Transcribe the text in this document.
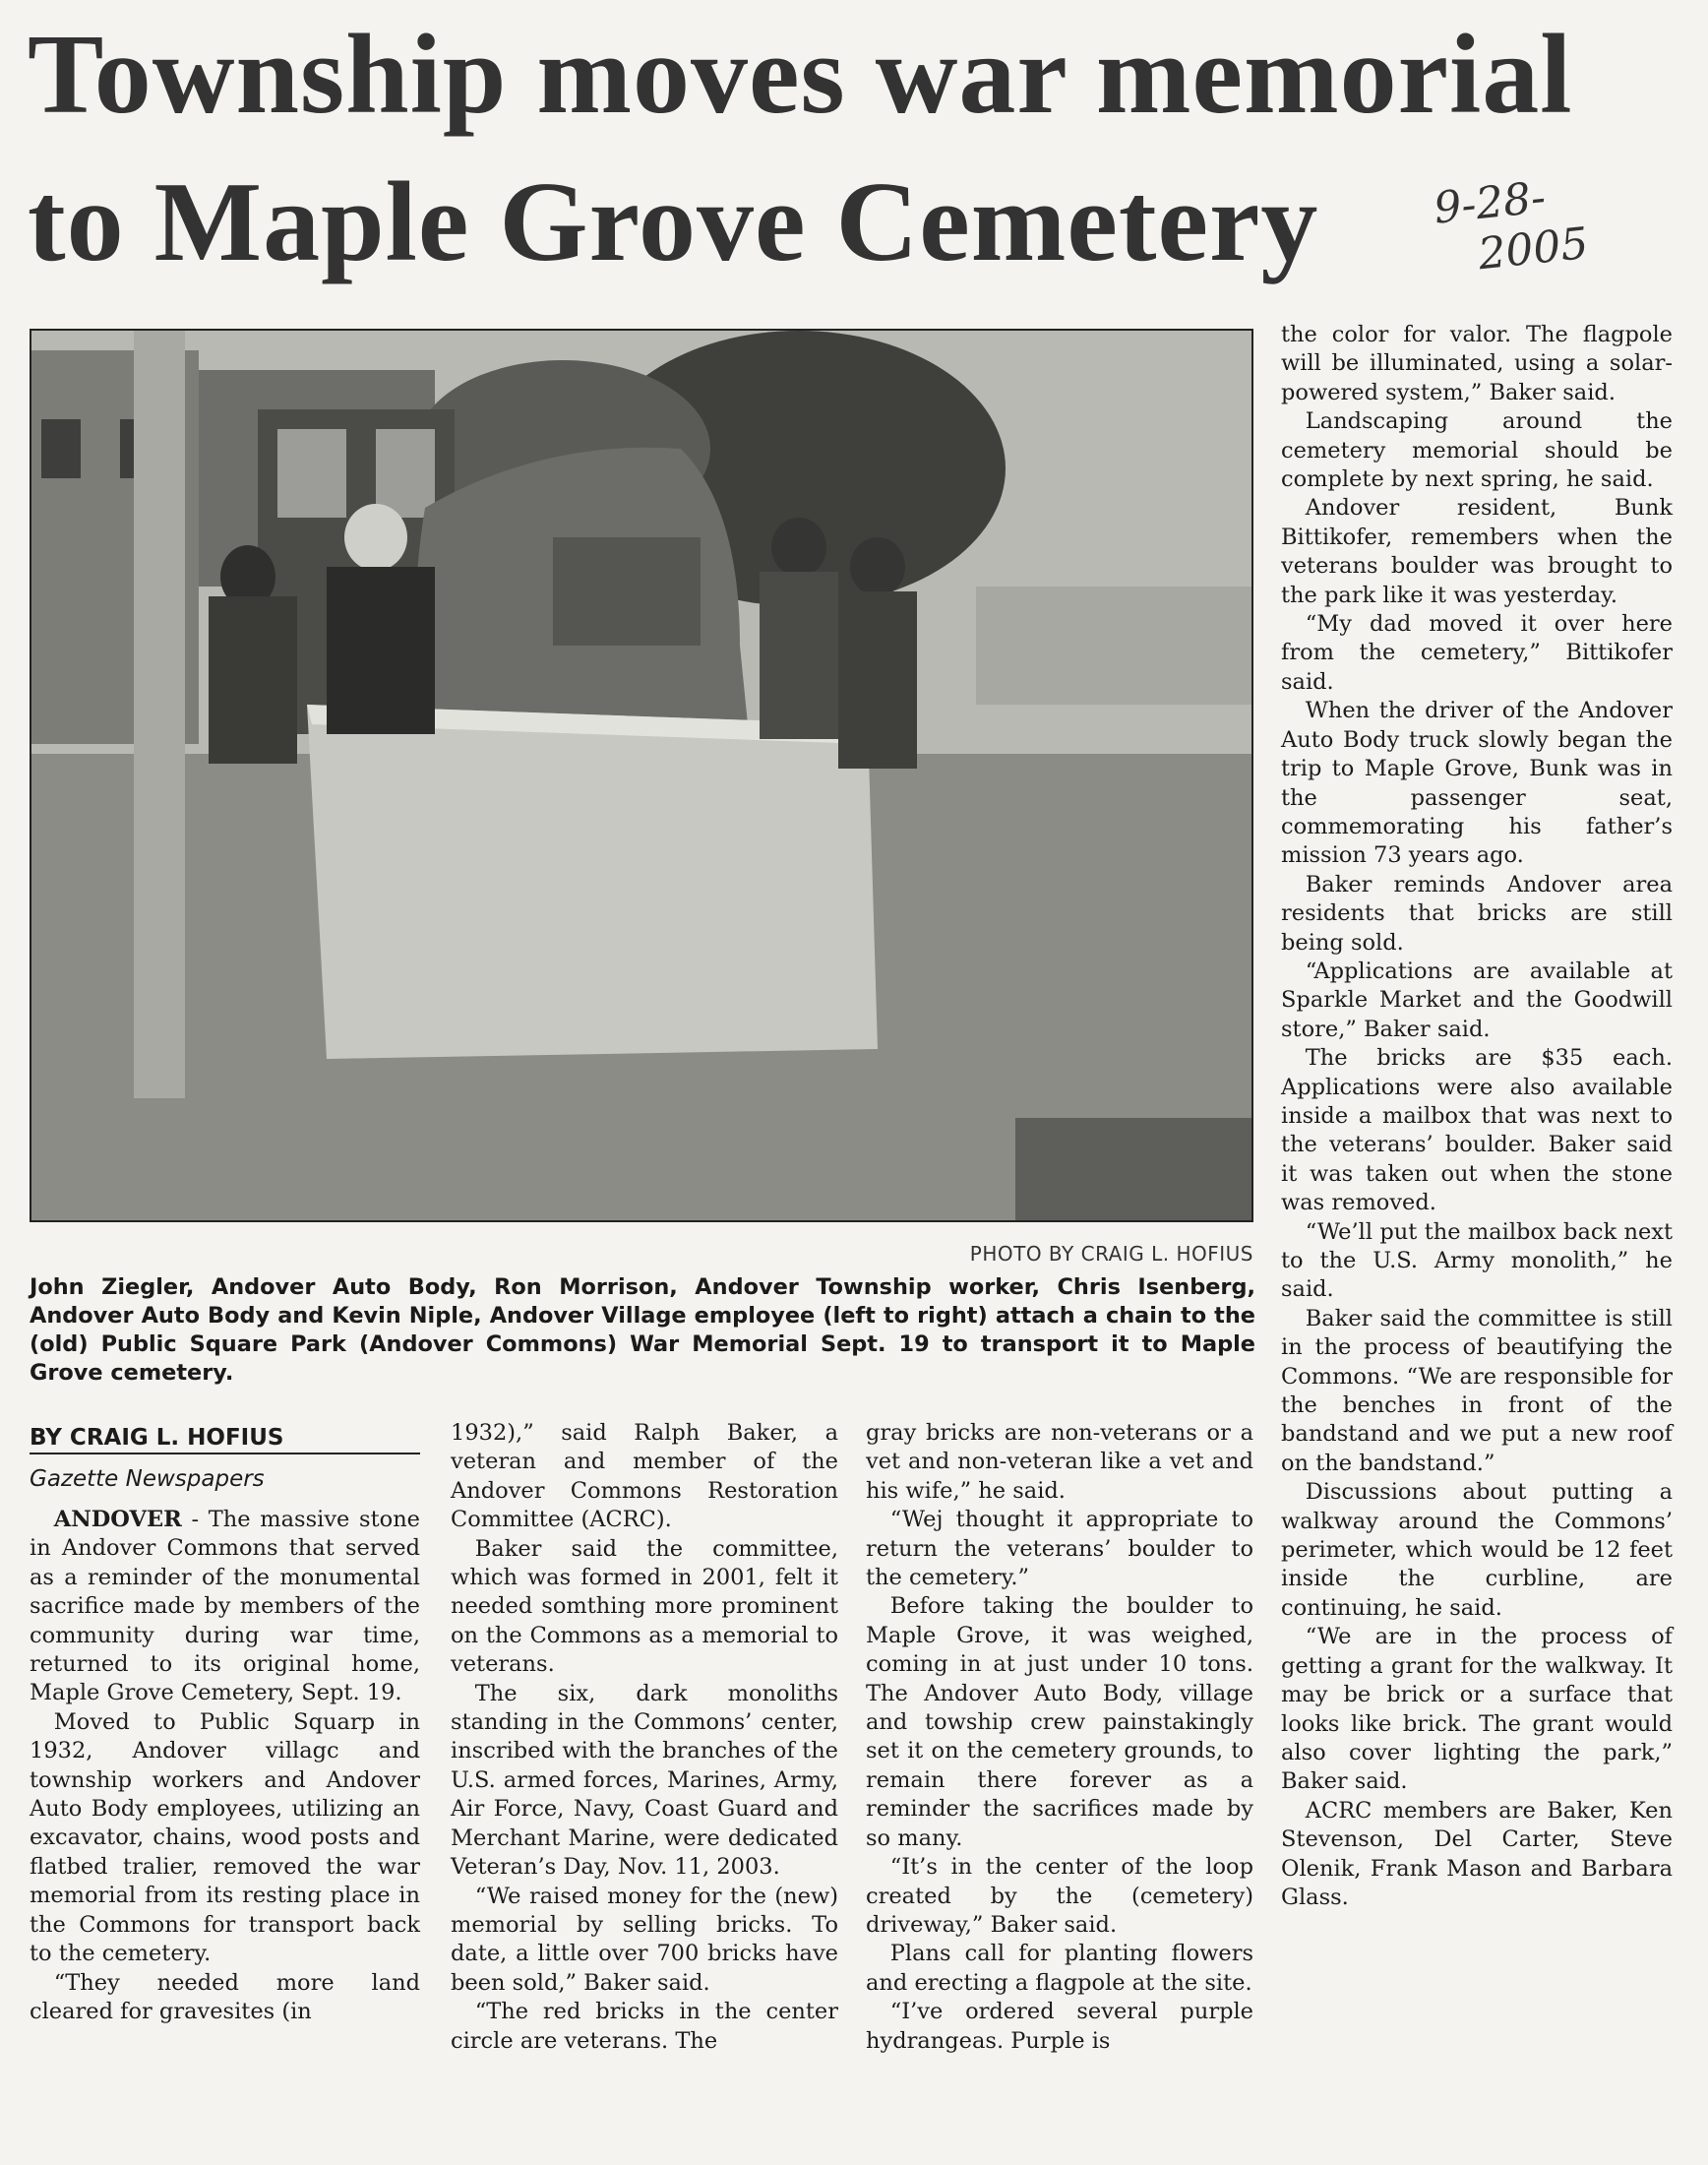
Township moves war memorial
to Maple Grove Cemetery	9-28-
2005
PHOTO BY CRAIG L. HOFIUS

John Ziegler, Andover Auto Body, Ron Morrison, Andover Township worker, Chris Isenberg, Andover Auto Body and Kevin Niple, Andover Village employee (left to right) attach a chain to the (old) Public Square Park (Andover Commons) War Memorial Sept. 19 to transport it to Maple Grove cemetery.

BY CRAIG L. HOFIUS
Gazette Newspapers

ANDOVER - The massive stone in Andover Commons that served as a reminder of the monumental sacrifice made by members of the community during war time, returned to its original home, Maple Grove Cemetery, Sept. 19.

Moved to Public Squarp in 1932, Andover villagc and township workers and Andover Auto Body employees, utilizing an excavator, chains, wood posts and flatbed tralier, removed the war memorial from its resting place in the Commons for transport back to the cemetery.

“They needed more land cleared for gravesites (in

1932),” said Ralph Baker, a veteran and member of the Andover Commons Restoration Committee (ACRC).

Baker said the committee, which was formed in 2001, felt it needed somthing more prominent on the Commons as a memorial to veterans.

The six, dark monoliths standing in the Commons’ center, inscribed with the branches of the U.S. armed forces, Marines, Army, Air Force, Navy, Coast Guard and Merchant Marine, were dedicated Veteran’s Day, Nov. 11, 2003.

“We raised money for the (new) memorial by selling bricks. To date, a little over 700 bricks have been sold,” Baker said.

“The red bricks in the center circle are veterans. The

gray bricks are non-veterans or a vet and non-veteran like a vet and his wife,” he said.

“Wej thought it appropriate to return the veterans’ boulder to the cemetery.”

Before taking the boulder to Maple Grove, it was weighed, coming in at just under 10 tons. The Andover Auto Body, village and towship crew painstakingly set it on the cemetery grounds, to remain there forever as a reminder the sacrifices made by so many.

“It’s in the center of the loop created by the (cemetery) driveway,” Baker said.

Plans call for planting flowers and erecting a flagpole at the site.

“I’ve ordered several purple hydrangeas. Purple is

the color for valor. The flagpole will be illuminated, using a solar-powered system,” Baker said.

Landscaping around the cemetery memorial should be complete by next spring, he said.

Andover resident, Bunk Bittikofer, remembers when the veterans boulder was brought to the park like it was yesterday.

“My dad moved it over here from the cemetery,” Bittikofer said.

When the driver of the Andover Auto Body truck slowly began the trip to Maple Grove, Bunk was in the passenger seat, commemorating his father’s mission 73 years ago.

Baker reminds Andover area residents that bricks are still being sold.

“Applications are available at Sparkle Market and the Goodwill store,” Baker said.

The bricks are $35 each. Applications were also available inside a mailbox that was next to the veterans’ boulder. Baker said it was taken out when the stone was removed.

“We’ll put the mailbox back next to the U.S. Army monolith,” he said.

Baker said the committee is still in the process of beautifying the Commons. “We are responsible for the benches in front of the bandstand and we put a new roof on the bandstand.”

Discussions about putting a walkway around the Commons’ perimeter, which would be 12 feet inside the curbline, are continuing, he said.

“We are in the process of getting a grant for the walkway. It may be brick or a surface that looks like brick. The grant would also cover lighting the park,” Baker said.

ACRC members are Baker, Ken Stevenson, Del Carter, Steve Olenik, Frank Mason and Barbara Glass.
